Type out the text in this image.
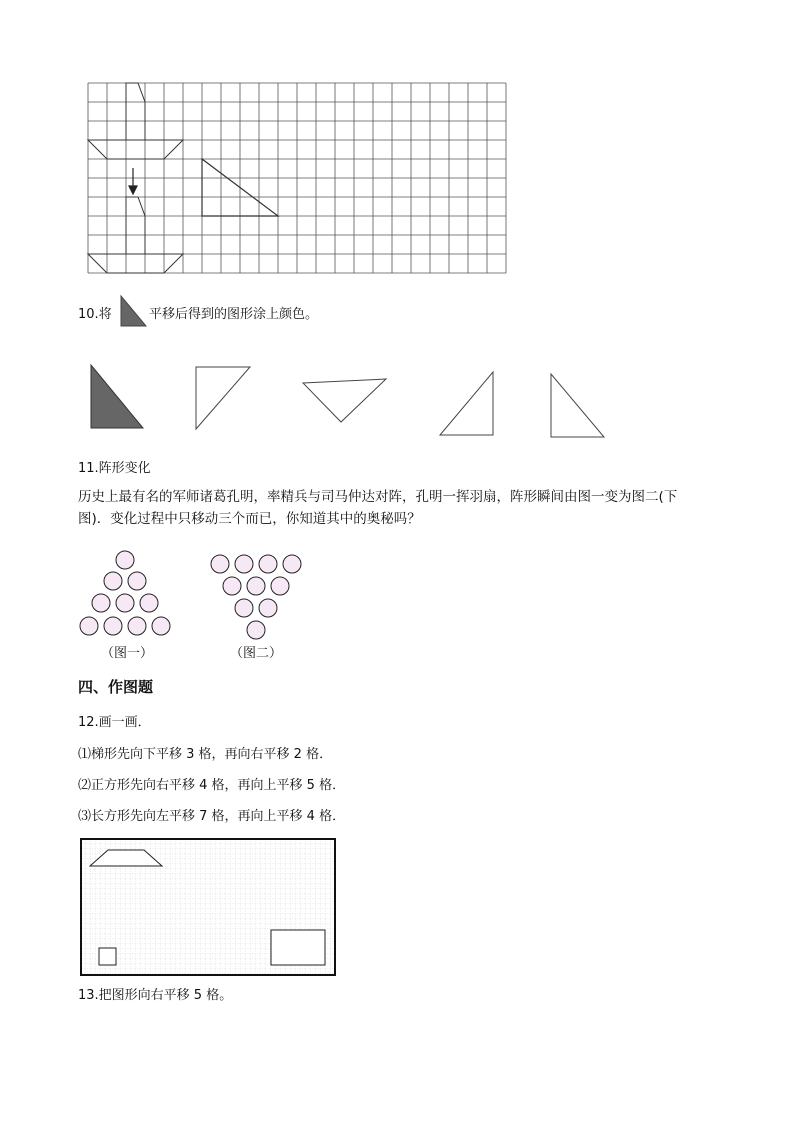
10.将	平移后得到的图形涂上颜色。
11.阵形变化
历史上最有名的军师诸葛孔明，率精兵与司马仲达对阵，孔明一挥羽扇，阵形瞬间由图一变为图二(下图)．变化过程中只移动三个而已，你知道其中的奥秘吗？
（图一）	（图二）
四、作图题
12.画一画．
⑴梯形先向下平移 3 格，再向右平移 2 格．
⑵正方形先向右平移 4 格，再向上平移 5 格．
⑶长方形先向左平移 7 格，再向上平移 4 格．
13.把图形向右平移 5 格。
